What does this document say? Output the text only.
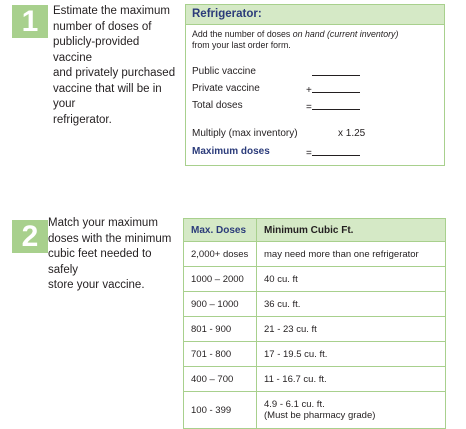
1 Estimate the maximum
number of doses of
publicly-provided vaccine
and privately purchased
vaccine that will be in your
refrigerator.

Refrigerator:
Add the number of doses on hand (current inventory)
from your last order form.
Public vaccine
Private vaccine	+
Total doses	=
Multiply (max inventory)	x 1.25
Maximum doses	=
2 Match your maximum
doses with the minimum
cubic feet needed to safely
store your vaccine.

Max. Doses	Minimum Cubic Ft.
2,000+ doses	may need more than one refrigerator
1000 – 2000	40 cu. ft
900 – 1000	36 cu. ft.
801 - 900	21 - 23 cu. ft
701 - 800	17 - 19.5 cu. ft.
400 – 700	11 - 16.7 cu. ft.
100 - 399	4.9 - 6.1 cu. ft.
(Must be pharmacy grade)
